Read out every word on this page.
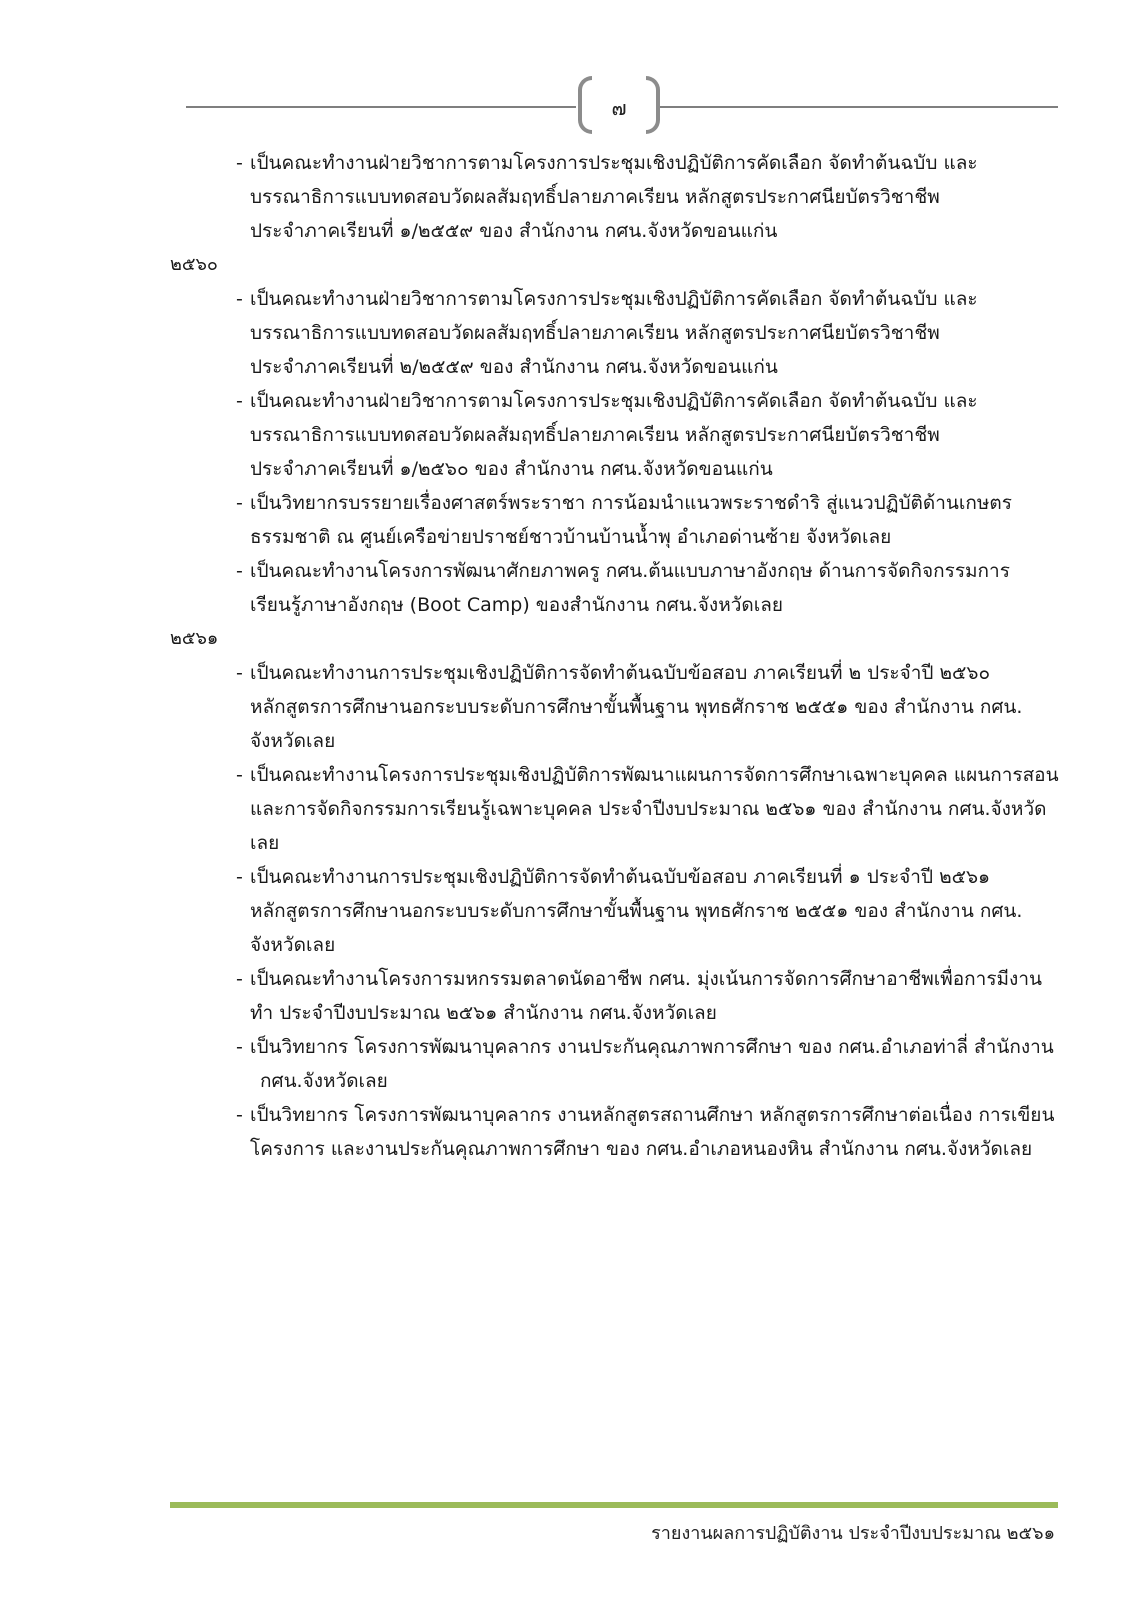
๗
- เป็นคณะทำงานฝ่ายวิชาการตามโครงการประชุมเชิงปฏิบัติการคัดเลือก จัดทำต้นฉบับ และ
บรรณาธิการแบบทดสอบวัดผลสัมฤทธิ์ปลายภาคเรียน หลักสูตรประกาศนียบัตรวิชาชีพ
ประจำภาคเรียนที่ ๑/๒๕๕๙ ของ สำนักงาน กศน.จังหวัดขอนแก่น
๒๕๖๐
- เป็นคณะทำงานฝ่ายวิชาการตามโครงการประชุมเชิงปฏิบัติการคัดเลือก จัดทำต้นฉบับ และ
บรรณาธิการแบบทดสอบวัดผลสัมฤทธิ์ปลายภาคเรียน หลักสูตรประกาศนียบัตรวิชาชีพ
ประจำภาคเรียนที่ ๒/๒๕๕๙ ของ สำนักงาน กศน.จังหวัดขอนแก่น
- เป็นคณะทำงานฝ่ายวิชาการตามโครงการประชุมเชิงปฏิบัติการคัดเลือก จัดทำต้นฉบับ และ
บรรณาธิการแบบทดสอบวัดผลสัมฤทธิ์ปลายภาคเรียน หลักสูตรประกาศนียบัตรวิชาชีพ
ประจำภาคเรียนที่ ๑/๒๕๖๐ ของ สำนักงาน กศน.จังหวัดขอนแก่น
- เป็นวิทยากรบรรยายเรื่องศาสตร์พระราชา การน้อมนำแนวพระราชดำริ สู่แนวปฏิบัติด้านเกษตร
ธรรมชาติ ณ ศูนย์เครือข่ายปราชย์ชาวบ้านบ้านน้ำพุ อำเภอด่านซ้าย จังหวัดเลย
- เป็นคณะทำงานโครงการพัฒนาศักยภาพครู กศน.ต้นแบบภาษาอังกฤษ ด้านการจัดกิจกรรมการ
เรียนรู้ภาษาอังกฤษ (Boot Camp) ของสำนักงาน กศน.จังหวัดเลย
๒๕๖๑
- เป็นคณะทำงานการประชุมเชิงปฏิบัติการจัดทำต้นฉบับข้อสอบ ภาคเรียนที่ ๒ ประจำปี ๒๕๖๐
หลักสูตรการศึกษานอกระบบระดับการศึกษาขั้นพื้นฐาน พุทธศักราช ๒๕๕๑ ของ สำนักงาน กศน.
จังหวัดเลย
- เป็นคณะทำงานโครงการประชุมเชิงปฏิบัติการพัฒนาแผนการจัดการศึกษาเฉพาะบุคคล แผนการสอน
และการจัดกิจกรรมการเรียนรู้เฉพาะบุคคล ประจำปีงบประมาณ ๒๕๖๑ ของ สำนักงาน กศน.จังหวัด
เลย
- เป็นคณะทำงานการประชุมเชิงปฏิบัติการจัดทำต้นฉบับข้อสอบ ภาคเรียนที่ ๑ ประจำปี ๒๕๖๑
หลักสูตรการศึกษานอกระบบระดับการศึกษาขั้นพื้นฐาน พุทธศักราช ๒๕๕๑ ของ สำนักงาน กศน.
จังหวัดเลย
- เป็นคณะทำงานโครงการมหกรรมตลาดนัดอาชีพ กศน. มุ่งเน้นการจัดการศึกษาอาชีพเพื่อการมีงาน
ทำ ประจำปีงบประมาณ ๒๕๖๑ สำนักงาน กศน.จังหวัดเลย
- เป็นวิทยากร โครงการพัฒนาบุคลากร งานประกันคุณภาพการศึกษา ของ กศน.อำเภอท่าลี่ สำนักงาน
กศน.จังหวัดเลย
- เป็นวิทยากร โครงการพัฒนาบุคลากร งานหลักสูตรสถานศึกษา หลักสูตรการศึกษาต่อเนื่อง การเขียน
โครงการ และงานประกันคุณภาพการศึกษา ของ กศน.อำเภอหนองหิน สำนักงาน กศน.จังหวัดเลย
รายงานผลการปฏิบัติงาน ประจำปีงบประมาณ ๒๕๖๑
